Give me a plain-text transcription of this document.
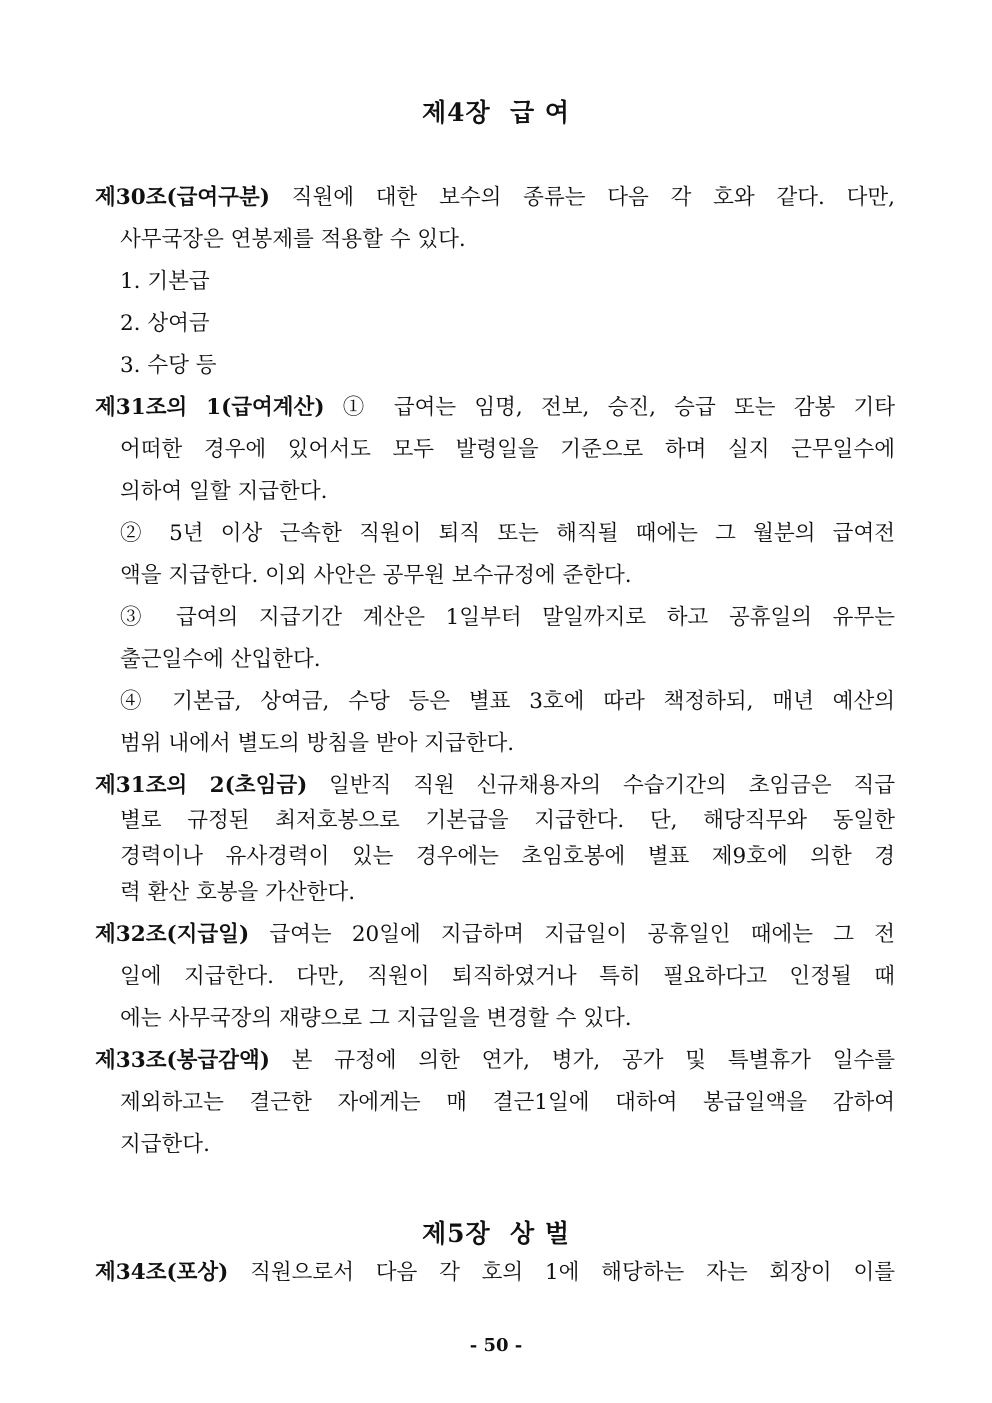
제4장  급 여
제30조(급여구분) 직원에 대한 보수의 종류는 다음 각 호와 같다. 다만,
사무국장은 연봉제를 적용할 수 있다.
1. 기본급
2. 상여금
3. 수당 등
제31조의 1(급여계산) ① 급여는 임명, 전보, 승진, 승급 또는 감봉 기타
어떠한 경우에 있어서도 모두 발령일을 기준으로 하며 실지 근무일수에
의하여 일할 지급한다.
② 5년 이상 근속한 직원이 퇴직 또는 해직될 때에는 그 월분의 급여전
액을 지급한다. 이외 사안은 공무원 보수규정에 준한다.
③ 급여의 지급기간 계산은 1일부터 말일까지로 하고 공휴일의 유무는
출근일수에 산입한다.
④ 기본급, 상여금, 수당 등은 별표 3호에 따라 책정하되, 매년 예산의
범위 내에서 별도의 방침을 받아 지급한다.
제31조의 2(초임금) 일반직 직원 신규채용자의 수습기간의 초임금은 직급
별로 규정된 최저호봉으로 기본급을 지급한다. 단, 해당직무와 동일한
경력이나 유사경력이 있는 경우에는 초임호봉에 별표 제9호에 의한 경
력 환산 호봉을 가산한다.
제32조(지급일) 급여는 20일에 지급하며 지급일이 공휴일인 때에는 그 전
일에 지급한다. 다만, 직원이 퇴직하였거나 특히 필요하다고 인정될 때
에는 사무국장의 재량으로 그 지급일을 변경할 수 있다.
제33조(봉급감액) 본 규정에 의한 연가, 병가, 공가 및 특별휴가 일수를
제외하고는 결근한 자에게는 매 결근1일에 대하여 봉급일액을 감하여
지급한다.
제5장  상 벌
제34조(포상) 직원으로서 다음 각 호의 1에 해당하는 자는 회장이 이를
- 50 -
